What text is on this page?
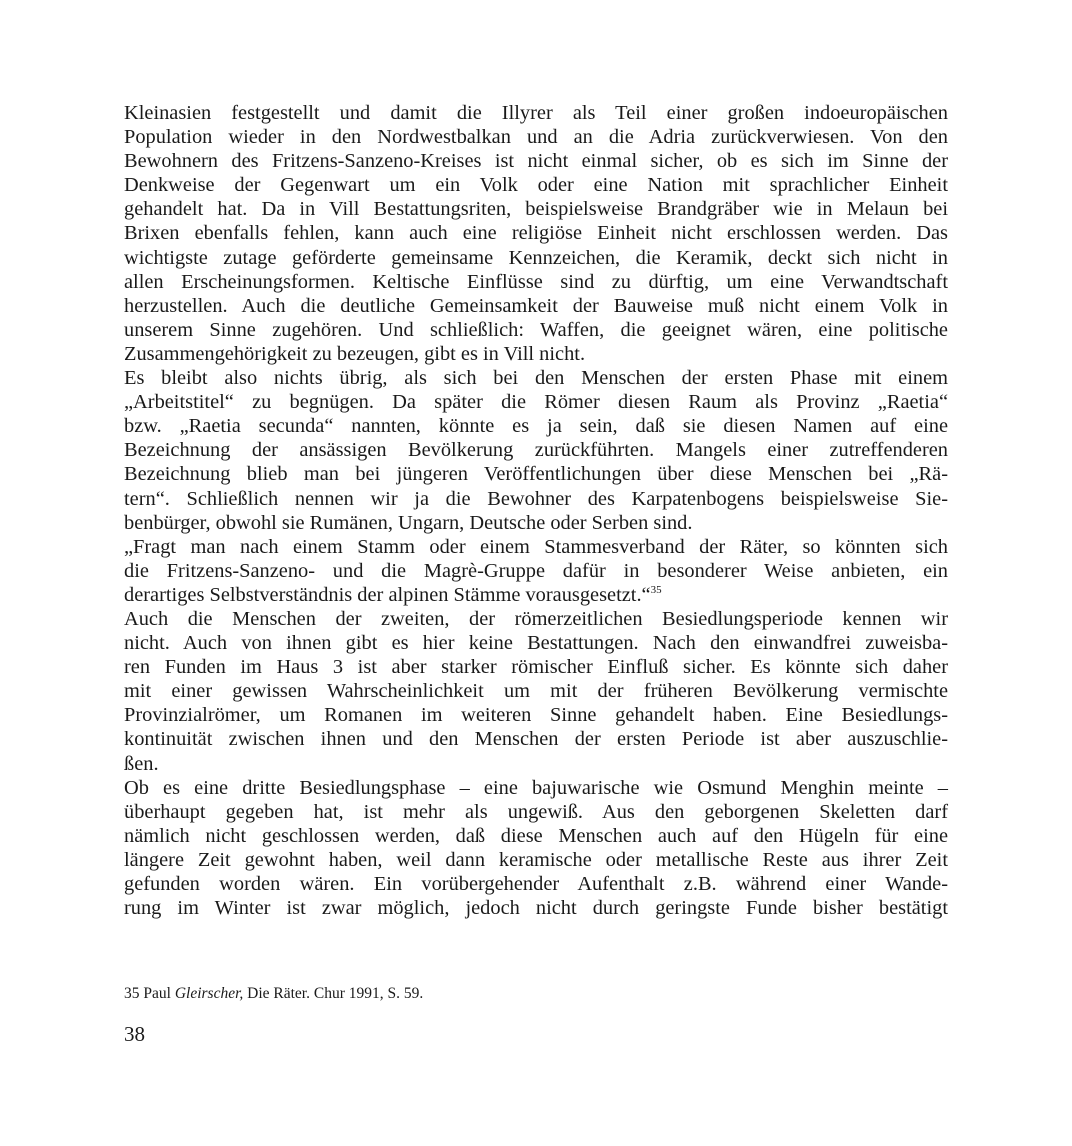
Kleinasien festgestellt und damit die Illyrer als Teil einer großen indoeuropäischen
Population wieder in den Nordwestbalkan und an die Adria zurückverwiesen. Von den
Bewohnern des Fritzens-Sanzeno-Kreises ist nicht einmal sicher, ob es sich im Sinne der
Denkweise der Gegenwart um ein Volk oder eine Nation mit sprachlicher Einheit
gehandelt hat. Da in Vill Bestattungsriten, beispielsweise Brandgräber wie in Melaun bei
Brixen ebenfalls fehlen, kann auch eine religiöse Einheit nicht erschlossen werden. Das
wichtigste zutage geförderte gemeinsame Kennzeichen, die Keramik, deckt sich nicht in
allen Erscheinungsformen. Keltische Einflüsse sind zu dürftig, um eine Verwandtschaft
herzustellen. Auch die deutliche Gemeinsamkeit der Bauweise muß nicht einem Volk in
unserem Sinne zugehören. Und schließlich: Waffen, die geeignet wären, eine politische
Zusammengehörigkeit zu bezeugen, gibt es in Vill nicht.
Es bleibt also nichts übrig, als sich bei den Menschen der ersten Phase mit einem
„Arbeitstitel“ zu begnügen. Da später die Römer diesen Raum als Provinz „Raetia“
bzw. „Raetia secunda“ nannten, könnte es ja sein, daß sie diesen Namen auf eine
Bezeichnung der ansässigen Bevölkerung zurückführten. Mangels einer zutreffenderen
Bezeichnung blieb man bei jüngeren Veröffentlichungen über diese Menschen bei „Rä-
tern“. Schließlich nennen wir ja die Bewohner des Karpatenbogens beispielsweise Sie-
benbürger, obwohl sie Rumänen, Ungarn, Deutsche oder Serben sind.
„Fragt man nach einem Stamm oder einem Stammesverband der Räter, so könnten sich
die Fritzens-Sanzeno- und die Magrè-Gruppe dafür in besonderer Weise anbieten, ein
derartiges Selbstverständnis der alpinen Stämme vorausgesetzt.“$^{35}$
Auch die Menschen der zweiten, der römerzeitlichen Besiedlungsperiode kennen wir
nicht. Auch von ihnen gibt es hier keine Bestattungen. Nach den einwandfrei zuweisba-
ren Funden im Haus 3 ist aber starker römischer Einfluß sicher. Es könnte sich daher
mit einer gewissen Wahrscheinlichkeit um mit der früheren Bevölkerung vermischte
Provinzialrömer, um Romanen im weiteren Sinne gehandelt haben. Eine Besiedlungs-
kontinuität zwischen ihnen und den Menschen der ersten Periode ist aber auszuschlie-
ßen.
Ob es eine dritte Besiedlungsphase – eine bajuwarische wie Osmund Menghin meinte –
überhaupt gegeben hat, ist mehr als ungewiß. Aus den geborgenen Skeletten darf
nämlich nicht geschlossen werden, daß diese Menschen auch auf den Hügeln für eine
längere Zeit gewohnt haben, weil dann keramische oder metallische Reste aus ihrer Zeit
gefunden worden wären. Ein vorübergehender Aufenthalt z.B. während einer Wande-
rung im Winter ist zwar möglich, jedoch nicht durch geringste Funde bisher bestätigt
35 Paul Gleirscher, Die Räter. Chur 1991, S. 59.
38
